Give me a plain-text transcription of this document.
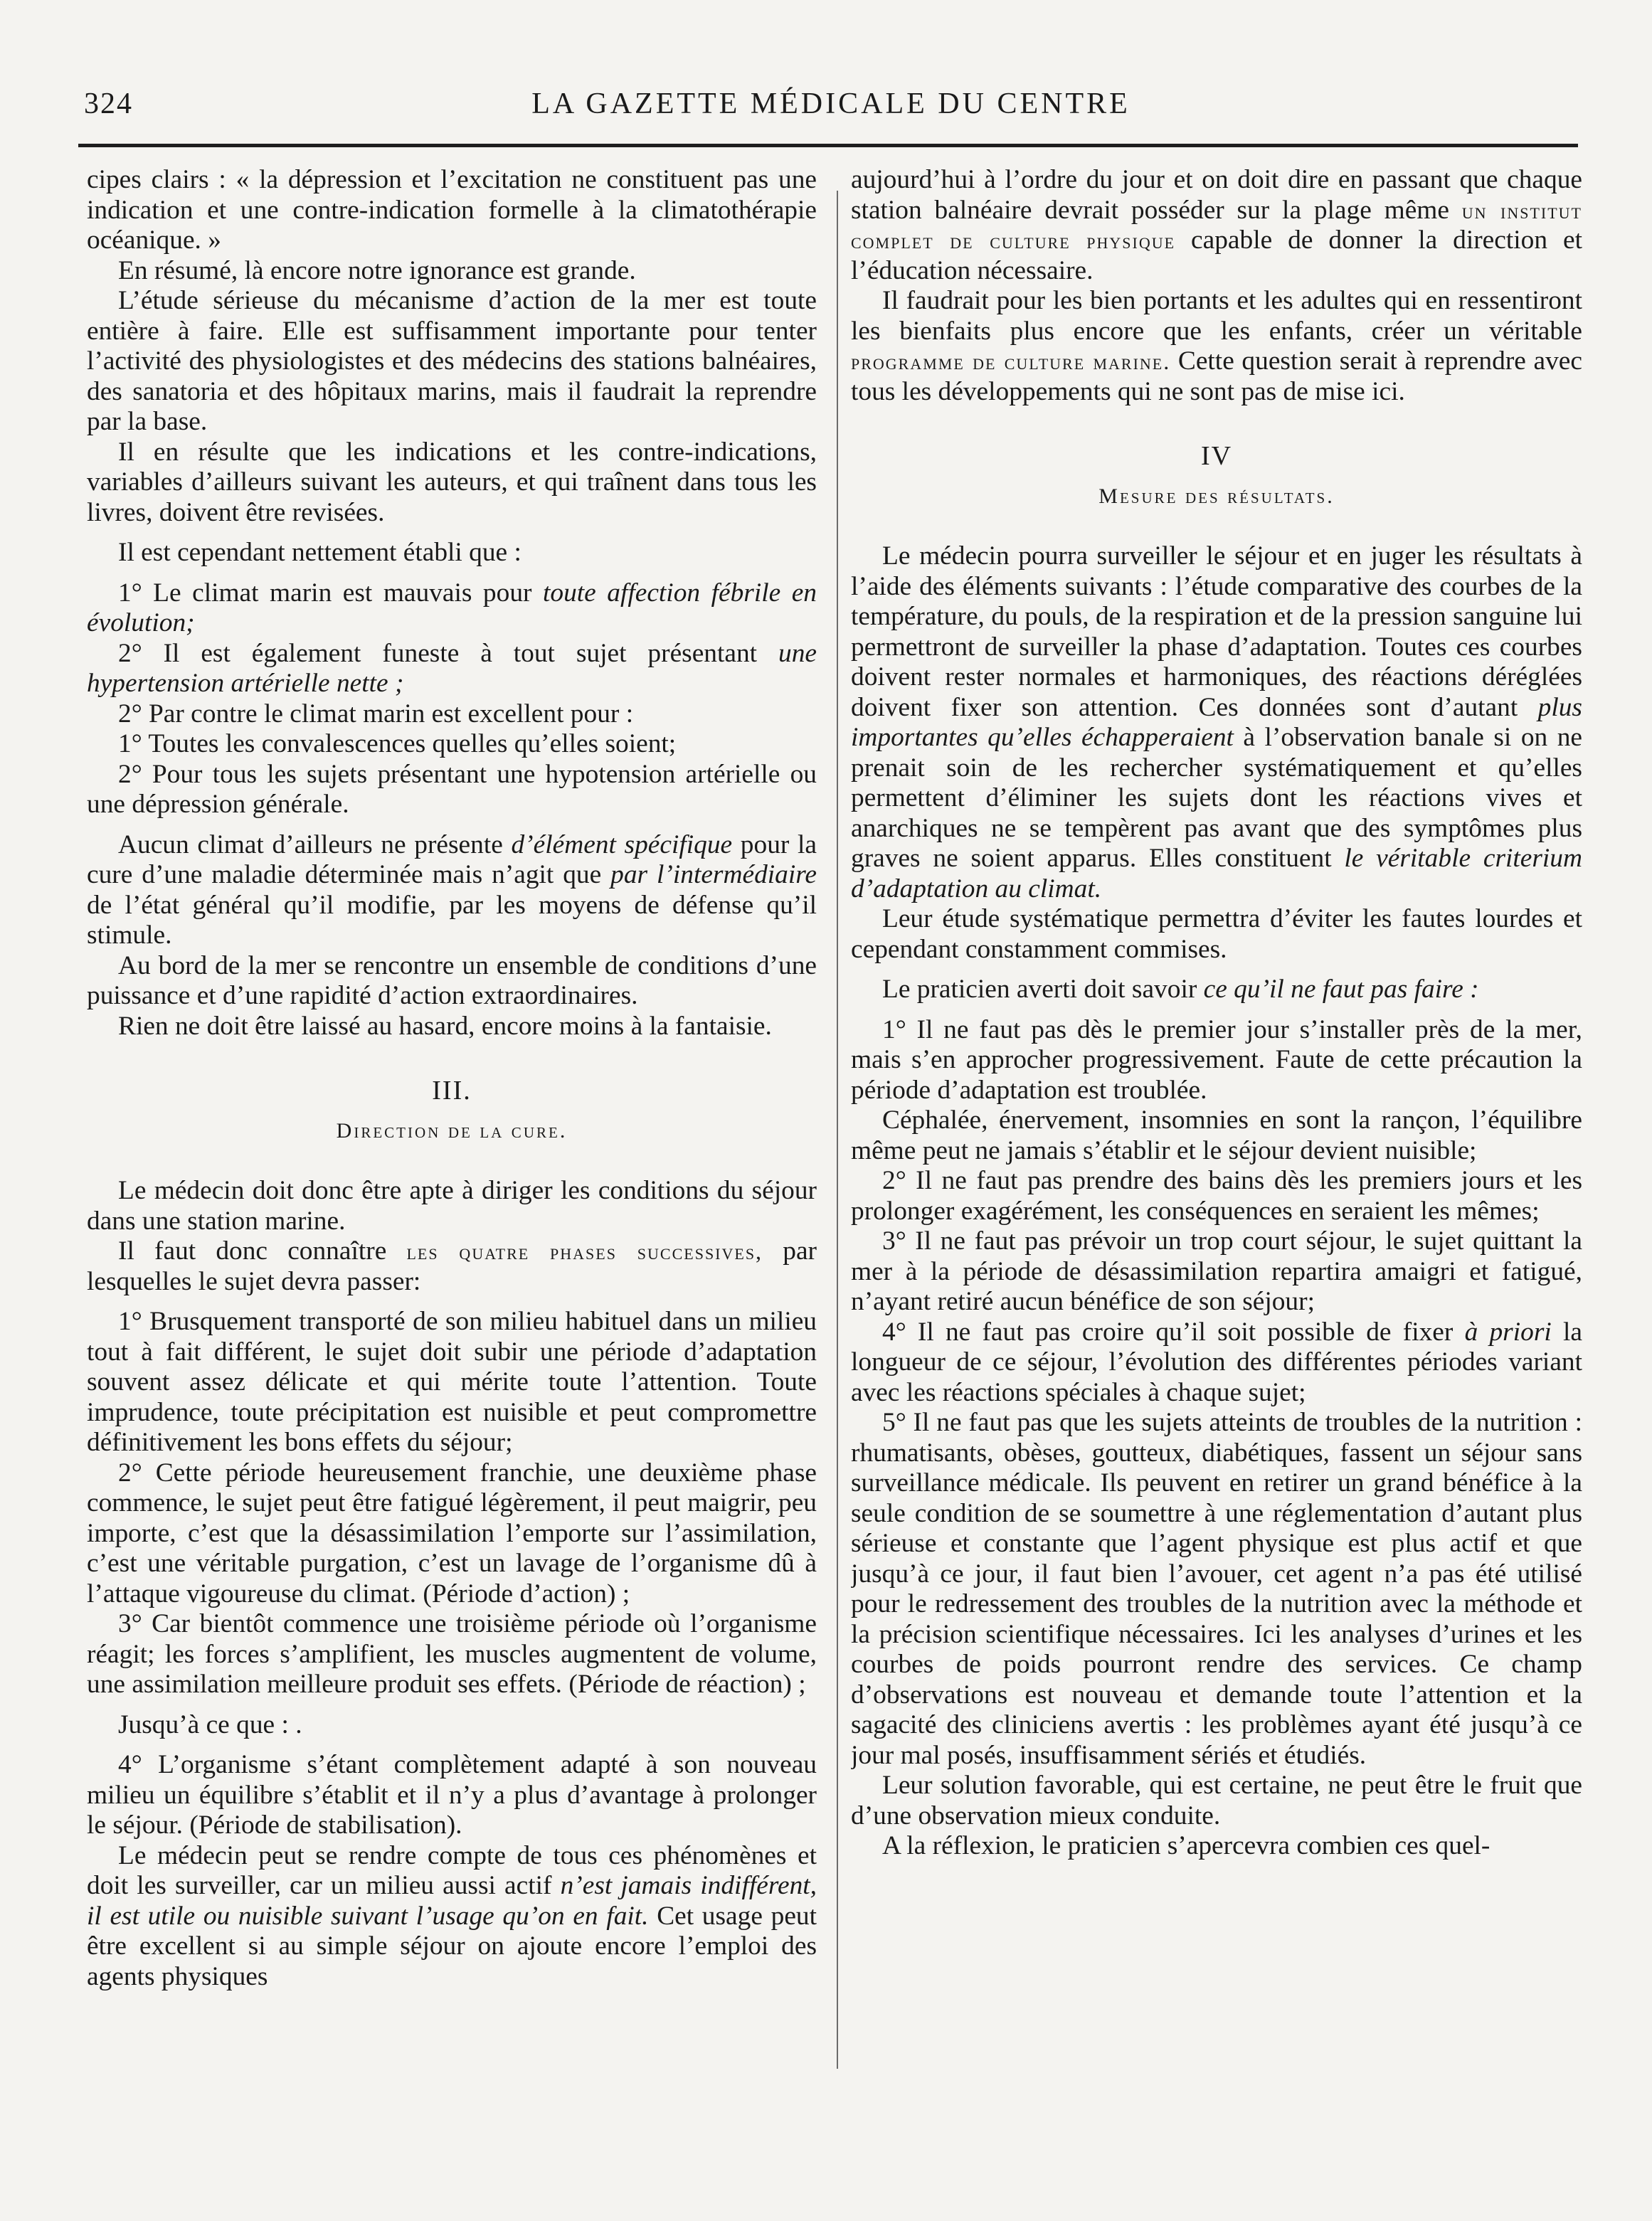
324	LA GAZETTE MÉDICALE DU CENTRE

cipes clairs : « la dépression et l’excitation ne constituent pas une indication et une contre-indication formelle à la climatothérapie océanique. »

En résumé, là encore notre ignorance est grande.

L’étude sérieuse du mécanisme d’action de la mer est toute entière à faire. Elle est suffisamment importante pour tenter l’activité des physiologistes et des médecins des stations balnéaires, des sanatoria et des hôpitaux marins, mais il faudrait la reprendre par la base.

Il en résulte que les indications et les contre-indications, variables d’ailleurs suivant les auteurs, et qui traînent dans tous les livres, doivent être revisées.

Il est cependant nettement établi que :

1° Le climat marin est mauvais pour toute affection fébrile en évolution;

2° Il est également funeste à tout sujet présentant une hypertension artérielle nette ;

2° Par contre le climat marin est excellent pour :

1° Toutes les convalescences quelles qu’elles soient;

2° Pour tous les sujets présentant une hypotension artérielle ou une dépression générale.

Aucun climat d’ailleurs ne présente d’élément spécifique pour la cure d’une maladie déterminée mais n’agit que par l’intermédiaire de l’état général qu’il modifie, par les moyens de défense qu’il stimule.

Au bord de la mer se rencontre un ensemble de conditions d’une puissance et d’une rapidité d’action extraordinaires.

Rien ne doit être laissé au hasard, encore moins à la fantaisie.

III.
Direction de la cure.

Le médecin doit donc être apte à diriger les conditions du séjour dans une station marine.

Il faut donc connaître les quatre phases successives, par lesquelles le sujet devra passer:

1° Brusquement transporté de son milieu habituel dans un milieu tout à fait différent, le sujet doit subir une période d’adaptation souvent assez délicate et qui mérite toute l’attention. Toute imprudence, toute précipitation est nuisible et peut compromettre définitivement les bons effets du séjour;

2° Cette période heureusement franchie, une deuxième phase commence, le sujet peut être fatigué légèrement, il peut maigrir, peu importe, c’est que la désassimilation l’emporte sur l’assimilation, c’est une véritable purgation, c’est un lavage de l’organisme dû à l’attaque vigoureuse du climat. (Période d’action) ;

3° Car bientôt commence une troisième période où l’organisme réagit; les forces s’amplifient, les muscles augmentent de volume, une assimilation meilleure produit ses effets. (Période de réaction) ;

Jusqu’à ce que : .

4° L’organisme s’étant complètement adapté à son nouveau milieu un équilibre s’établit et il n’y a plus d’avantage à prolonger le séjour. (Période de stabilisation).

Le médecin peut se rendre compte de tous ces phénomènes et doit les surveiller, car un milieu aussi actif n’est jamais indifférent, il est utile ou nuisible suivant l’usage qu’on en fait. Cet usage peut être excellent si au simple séjour on ajoute encore l’emploi des agents physiques

aujourd’hui à l’ordre du jour et on doit dire en passant que chaque station balnéaire devrait posséder sur la plage même un institut complet de culture physique capable de donner la direction et l’éducation nécessaire.

Il faudrait pour les bien portants et les adultes qui en ressentiront les bienfaits plus encore que les enfants, créer un véritable programme de culture marine. Cette question serait à reprendre avec tous les développements qui ne sont pas de mise ici.

IV
Mesure des résultats.

Le médecin pourra surveiller le séjour et en juger les résultats à l’aide des éléments suivants : l’étude comparative des courbes de la température, du pouls, de la respiration et de la pression sanguine lui permettront de surveiller la phase d’adaptation. Toutes ces courbes doivent rester normales et harmoniques, des réactions déréglées doivent fixer son attention. Ces données sont d’autant plus importantes qu’elles échapperaient à l’observation banale si on ne prenait soin de les rechercher systématiquement et qu’elles permettent d’éliminer les sujets dont les réactions vives et anarchiques ne se tempèrent pas avant que des symptômes plus graves ne soient apparus. Elles constituent le véritable criterium d’adaptation au climat.

Leur étude systématique permettra d’éviter les fautes lourdes et cependant constamment commises.

Le praticien averti doit savoir ce qu’il ne faut pas faire :

1° Il ne faut pas dès le premier jour s’installer près de la mer, mais s’en approcher progressivement. Faute de cette précaution la période d’adaptation est troublée.

Céphalée, énervement, insomnies en sont la rançon, l’équilibre même peut ne jamais s’établir et le séjour devient nuisible;

2° Il ne faut pas prendre des bains dès les premiers jours et les prolonger exagérément, les conséquences en seraient les mêmes;

3° Il ne faut pas prévoir un trop court séjour, le sujet quittant la mer à la période de désassimilation repartira amaigri et fatigué, n’ayant retiré aucun bénéfice de son séjour;

4° Il ne faut pas croire qu’il soit possible de fixer à priori la longueur de ce séjour, l’évolution des différentes périodes variant avec les réactions spéciales à chaque sujet;

5° Il ne faut pas que les sujets atteints de troubles de la nutrition : rhumatisants, obèses, goutteux, diabétiques, fassent un séjour sans surveillance médicale. Ils peuvent en retirer un grand bénéfice à la seule condition de se soumettre à une réglementation d’autant plus sérieuse et constante que l’agent physique est plus actif et que jusqu’à ce jour, il faut bien l’avouer, cet agent n’a pas été utilisé pour le redressement des troubles de la nutrition avec la méthode et la précision scientifique nécessaires. Ici les analyses d’urines et les courbes de poids pourront rendre des services. Ce champ d’observations est nouveau et demande toute l’attention et la sagacité des cliniciens avertis : les problèmes ayant été jusqu’à ce jour mal posés, insuffisamment sériés et étudiés.

Leur solution favorable, qui est certaine, ne peut être le fruit que d’une observation mieux conduite.

A la réflexion, le praticien s’apercevra combien ces quel-
